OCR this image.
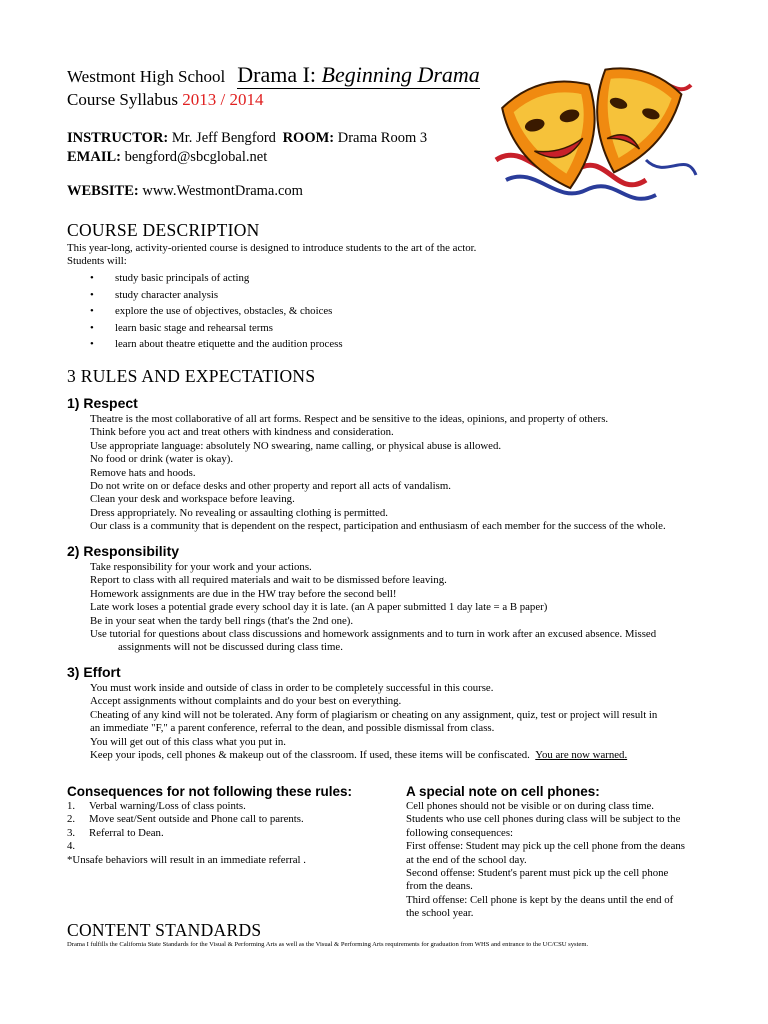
Westmont High School Drama I: Beginning Drama
Course Syllabus 2013 / 2014
INSTRUCTOR: Mr. Jeff Bengford ROOM: Drama Room 3
EMAIL: bengford@sbcglobal.net
WEBSITE: www.WestmontDrama.com
COURSE DESCRIPTION
This year-long, activity-oriented course is designed to introduce students to the art of the actor.
Students will:
• study basic principals of acting
• study character analysis
• explore the use of objectives, obstacles, & choices
• learn basic stage and rehearsal terms
• learn about theatre etiquette and the audition process
3 RULES AND EXPECTATIONS
1) Respect
Theatre is the most collaborative of all art forms. Respect and be sensitive to the ideas, opinions, and property of others.
Think before you act and treat others with kindness and consideration.
Use appropriate language: absolutely NO swearing, name calling, or physical abuse is allowed.
No food or drink (water is okay).
Remove hats and hoods.
Do not write on or deface desks and other property and report all acts of vandalism.
Clean your desk and workspace before leaving.
Dress appropriately. No revealing or assaulting clothing is permitted.
Our class is a community that is dependent on the respect, participation and enthusiasm of each member for the success of the whole.
2) Responsibility
Take responsibility for your work and your actions.
Report to class with all required materials and wait to be dismissed before leaving.
Homework assignments are due in the HW tray before the second bell!
Late work loses a potential grade every school day it is late. (an A paper submitted 1 day late = a B paper)
Be in your seat when the tardy bell rings (that's the 2nd one).
Use tutorial for questions about class discussions and homework assignments and to turn in work after an excused absence. Missed
assignments will not be discussed during class time.
3) Effort
You must work inside and outside of class in order to be completely successful in this course.
Accept assignments without complaints and do your best on everything.
Cheating of any kind will not be tolerated. Any form of plagiarism or cheating on any assignment, quiz, test or project will result in
an immediate "F," a parent conference, referral to the dean, and possible dismissal from class.
You will get out of this class what you put in.
Keep your ipods, cell phones & makeup out of the classroom. If used, these items will be confiscated. You are now warned.
Consequences for not following these rules:
1. Verbal warning/Loss of class points.
2. Move seat/Sent outside and Phone call to parents.
3. Referral to Dean.
4.
*Unsafe behaviors will result in an immediate referral .
A special note on cell phones:
Cell phones should not be visible or on during class time.
Students who use cell phones during class will be subject to the
following consequences:
First offense: Student may pick up the cell phone from the deans
at the end of the school day.
Second offense: Student's parent must pick up the cell phone
from the deans.
Third offense: Cell phone is kept by the deans until the end of
the school year.
CONTENT STANDARDS
Drama I fulfills the California State Standards for the Visual & Performing Arts as well as the Visual & Performing Arts requirements for graduation from WHS and entrance to the UC/CSU system.
